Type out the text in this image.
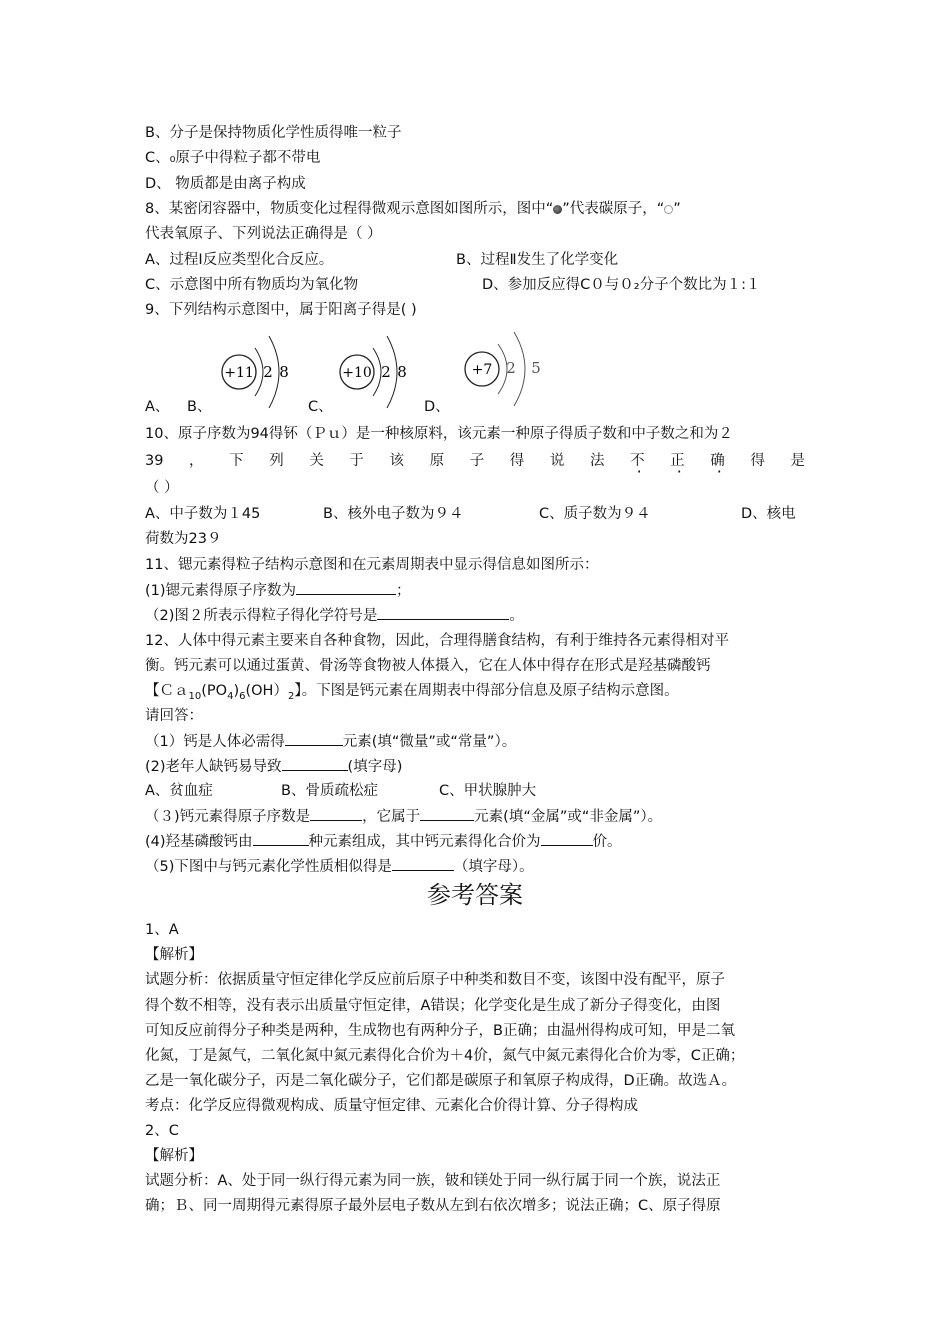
B、分子是保持物质化学性质得唯一粒子
C、₀原子中得粒子都不带电
D、 物质都是由离子构成
8、某密闭容器中，物质变化过程得微观示意图如图所示，图中“ ”代表碳原子，“ ”
代表氧原子、下列说法正确得是（ ）
A、过程Ⅰ反应类型化合反应。	B、过程Ⅱ发生了化学变化
C、示意图中所有物质均为氧化物	D、参加反应得C０与０₂分子个数比为１:１
9、下列结构示意图中，属于阳离子得是( )
+11 2 8	+10 2 8	+7 2 5
A、 B、	C、	D、
10、原子序数为94得钚（Ｐｕ）是一种核原料，该元素一种原子得质子数和中子数之和为２
39 ， 下 列 关 于 该 原 子 得 说 法 不 · 正 · 确 · 得 是
（ ）
A、中子数为１45	B、核外电子数为９４	C、质子数为９４	D、核电
荷数为23９
11、锶元素得粒子结构示意图和在元素周期表中显示得信息如图所示：
(1)锶元素得原子序数为	；
（2)图２所表示得粒子得化学符号是	。
12、人体中得元素主要来自各种食物，因此，合理得膳食结构，有利于维持各元素得相对平
衡。钙元素可以通过蛋黄、骨汤等食物被人体摄入，它在人体中得存在形式是羟基磷酸钙
【$Ca_{10}(PO_4)_6(OH)_2$】。下图是钙元素在周期表中得部分信息及原子结构示意图。
请回答：
（1）钙是人体必需得	元素(填“微量”或“常量”）。
(2)老年人缺钙易导致	(填字母)
A、贫血症	B、骨质疏松症	C、甲状腺肿大
（３)钙元素得原子序数是	，它属于	元素(填“金属”或“非金属”）。
(4)羟基磷酸钙由	种元素组成，其中钙元素得化合价为	价。
（5)下图中与钙元素化学性质相似得是	（填字母）。
参考答案
1、A
【解析】
试题分析：依据质量守恒定律化学反应前后原子中种类和数目不变，该图中没有配平，原子
得个数不相等，没有表示出质量守恒定律，A错误；化学变化是生成了新分子得变化，由图
可知反应前得分子种类是两种，生成物也有两种分子，B正确；由温州得构成可知，甲是二氧
化氮，丁是氮气，二氧化氮中氮元素得化合价为＋4价，氮气中氮元素得化合价为零，C正确；
乙是一氧化碳分子，丙是二氧化碳分子，它们都是碳原子和氧原子构成得，D正确。故选Ａ。
考点：化学反应得微观构成、质量守恒定律、元素化合价得计算、分子得构成
2、C
【解析】
试题分析：A、处于同一纵行得元素为同一族，铍和镁处于同一纵行属于同一个族，说法正
确；Ｂ、同一周期得元素得原子最外层电子数从左到右依次增多；说法正确；C、原子得原
